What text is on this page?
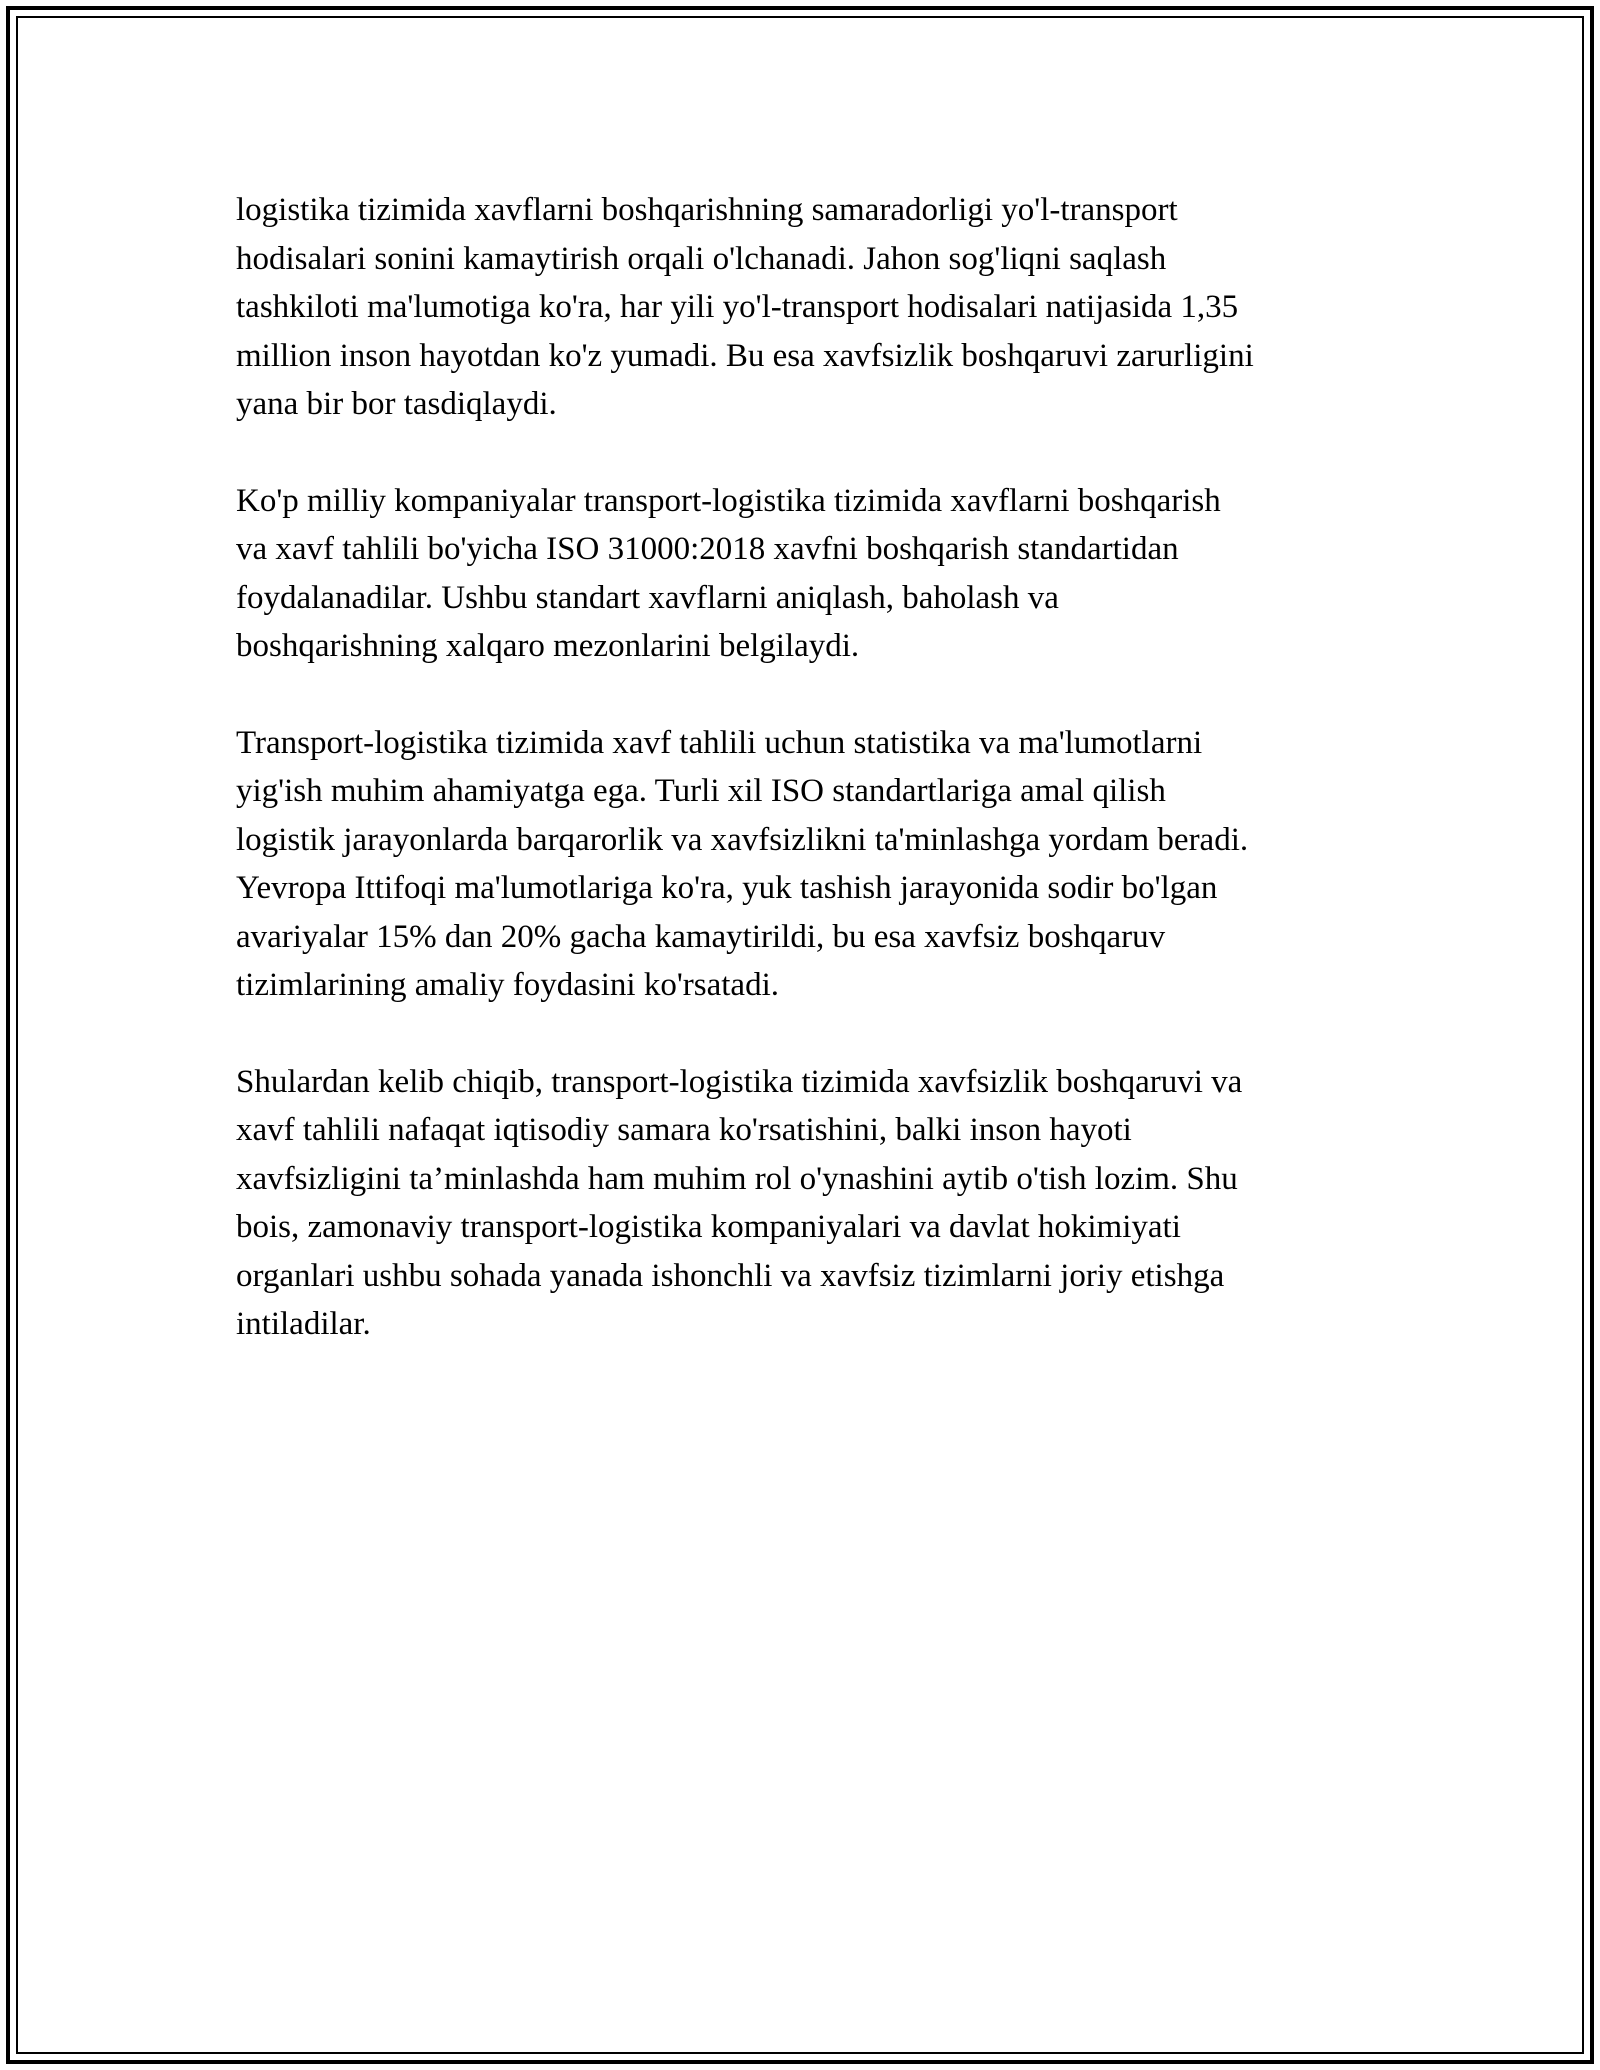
logistika tizimida xavflarni boshqarishning samaradorligi yo'l-transport
hodisalari sonini kamaytirish orqali o'lchanadi. Jahon sog'liqni saqlash
tashkiloti ma'lumotiga ko'ra, har yili yo'l-transport hodisalari natijasida 1,35
million inson hayotdan ko'z yumadi. Bu esa xavfsizlik boshqaruvi zarurligini
yana bir bor tasdiqlaydi.

Ko'p milliy kompaniyalar transport-logistika tizimida xavflarni boshqarish
va xavf tahlili bo'yicha ISO 31000:2018 xavfni boshqarish standartidan
foydalanadilar. Ushbu standart xavflarni aniqlash, baholash va
boshqarishning xalqaro mezonlarini belgilaydi.

Transport-logistika tizimida xavf tahlili uchun statistika va ma'lumotlarni
yig'ish muhim ahamiyatga ega. Turli xil ISO standartlariga amal qilish
logistik jarayonlarda barqarorlik va xavfsizlikni ta'minlashga yordam beradi.
Yevropa Ittifoqi ma'lumotlariga ko'ra, yuk tashish jarayonida sodir bo'lgan
avariyalar 15% dan 20% gacha kamaytirildi, bu esa xavfsiz boshqaruv
tizimlarining amaliy foydasini ko'rsatadi.

Shulardan kelib chiqib, transport-logistika tizimida xavfsizlik boshqaruvi va
xavf tahlili nafaqat iqtisodiy samara ko'rsatishini, balki inson hayoti
xavfsizligini ta’minlashda ham muhim rol o'ynashini aytib o'tish lozim. Shu
bois, zamonaviy transport-logistika kompaniyalari va davlat hokimiyati
organlari ushbu sohada yanada ishonchli va xavfsiz tizimlarni joriy etishga
intiladilar.
